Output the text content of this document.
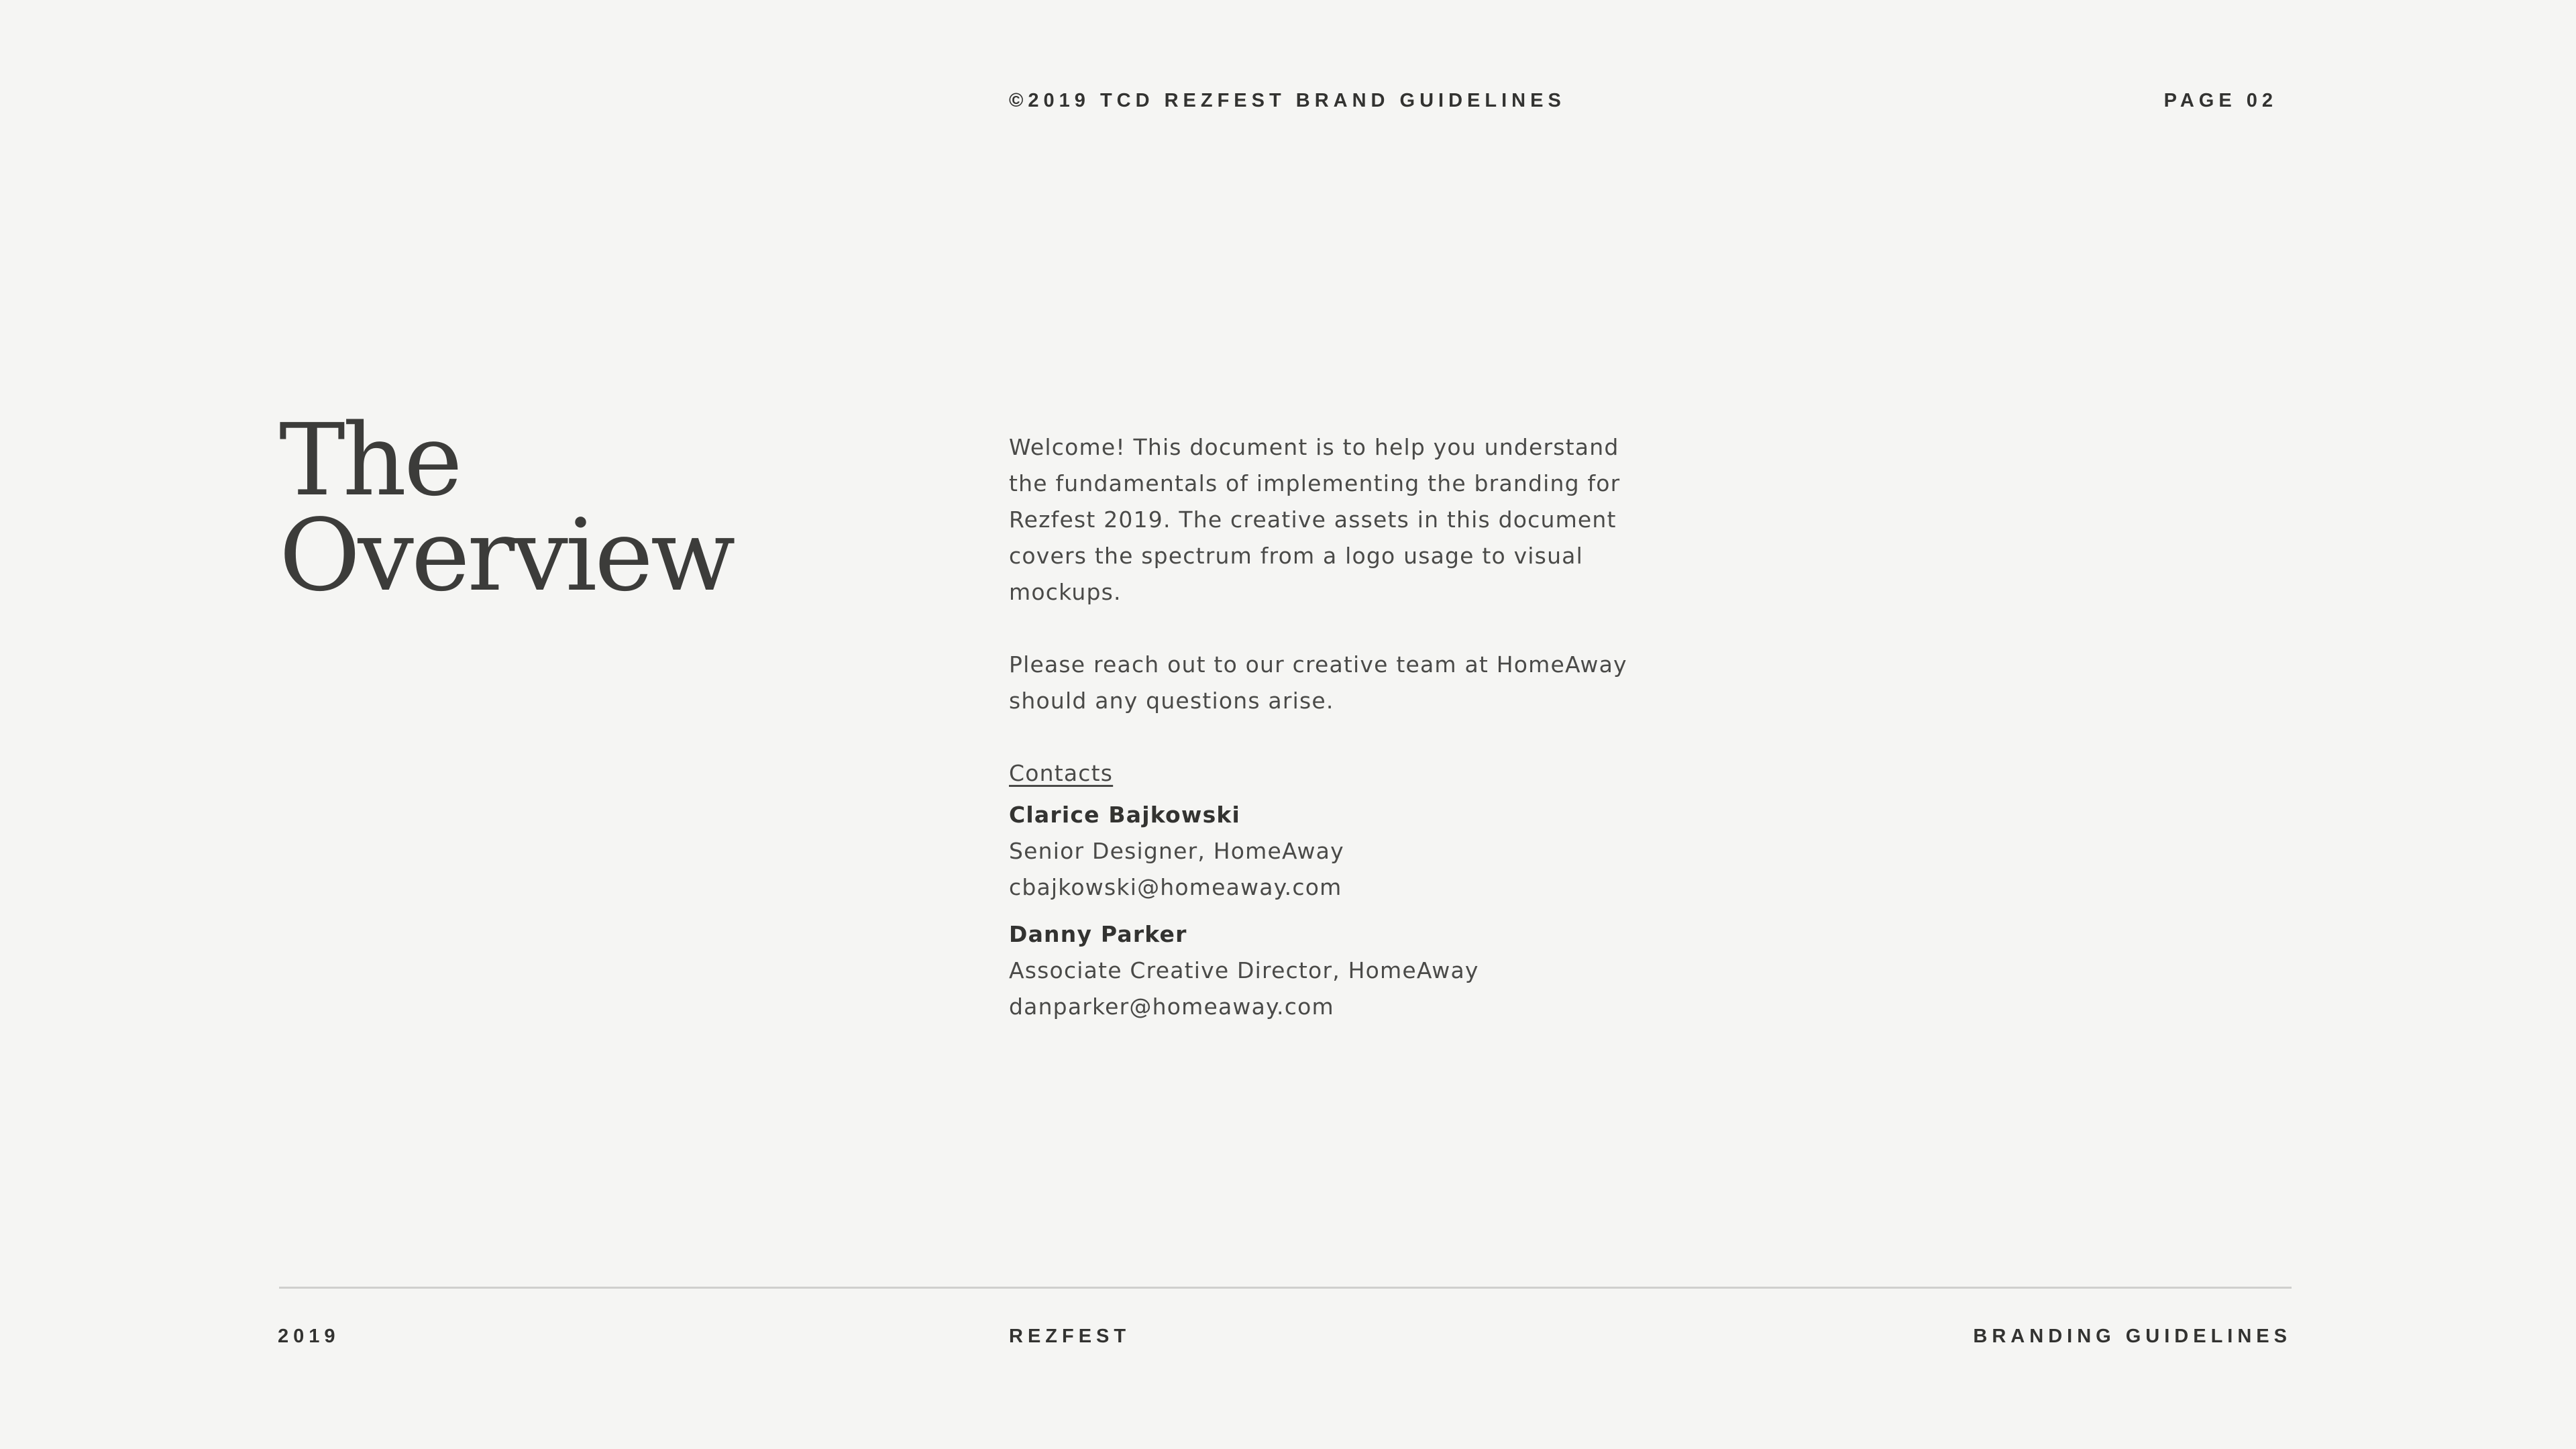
©2019 TCD REZFEST BRAND GUIDELINES	PAGE 02
The
Overview

Welcome! This document is to help you understand
the fundamentals of implementing the branding for
Rezfest 2019. The creative assets in this document
covers the spectrum from a logo usage to visual
mockups.

Please reach out to our creative team at HomeAway
should any questions arise.

Contacts
Clarice Bajkowski
Senior Designer, HomeAway
cbajkowski@homeaway.com
Danny Parker
Associate Creative Director, HomeAway
danparker@homeaway.com
2019	REZFEST	BRANDING GUIDELINES
